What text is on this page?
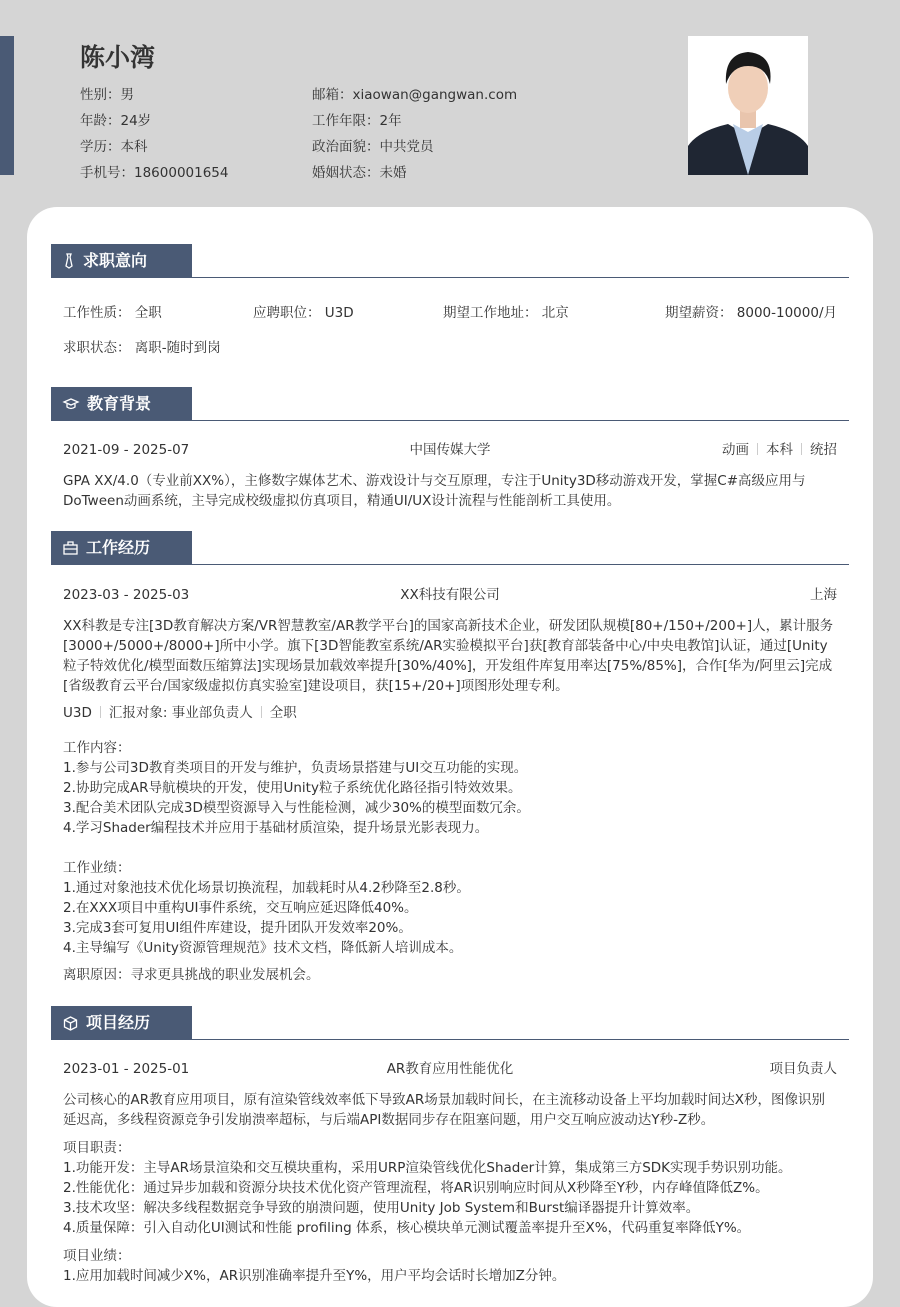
陈小湾
性别：男
年龄：24岁
学历：本科
手机号：18600001654
邮箱：xiaowan@gangwan.com
工作年限：2年
政治面貌：中共党员
婚姻状态：未婚
求职意向
工作性质： 全职	应聘职位： U3D	期望工作地址： 北京	期望薪资： 8000-10000/月
求职状态： 离职-随时到岗
教育背景
2021-09 - 2025-07	中国传媒大学	动画 本科 统招
GPA XX/4.0（专业前XX%），主修数字媒体艺术、游戏设计与交互原理，专注于Unity3D移动游戏开发，掌握C#高级应用与DoTween动画系统，主导完成校级虚拟仿真项目，精通UI/UX设计流程与性能剖析工具使用。
工作经历
2023-03 - 2025-03	XX科技有限公司	上海
XX科教是专注[3D教育解决方案/VR智慧教室/AR教学平台]的国家高新技术企业，研发团队规模[80+/150+/200+]人，累计服务[3000+/5000+/8000+]所中小学。旗下[3D智能教室系统/AR实验模拟平台]获[教育部装备中心/中央电教馆]认证，通过[Unity粒子特效优化/模型面数压缩算法]实现场景加载效率提升[30%/40%]，开发组件库复用率达[75%/85%]，合作[华为/阿里云]完成[省级教育云平台/国家级虚拟仿真实验室]建设项目，获[15+/20+]项图形处理专利。
U3D 汇报对象: 事业部负责人 全职
工作内容：
1.参与公司3D教育类项目的开发与维护，负责场景搭建与UI交互功能的实现。
2.协助完成AR导航模块的开发，使用Unity粒子系统优化路径指引特效效果。
3.配合美术团队完成3D模型资源导入与性能检测，减少30%的模型面数冗余。
4.学习Shader编程技术并应用于基础材质渲染，提升场景光影表现力。
工作业绩：
1.通过对象池技术优化场景切换流程，加载耗时从4.2秒降至2.8秒。
2.在XXX项目中重构UI事件系统，交互响应延迟降低40%。
3.完成3套可复用UI组件库建设，提升团队开发效率20%。
4.主导编写《Unity资源管理规范》技术文档，降低新人培训成本。
离职原因：寻求更具挑战的职业发展机会。
项目经历
2023-01 - 2025-01	AR教育应用性能优化	项目负责人
公司核心的AR教育应用项目，原有渲染管线效率低下导致AR场景加载时间长，在主流移动设备上平均加载时间达X秒，图像识别延迟高，多线程资源竞争引发崩溃率超标，与后端API数据同步存在阻塞问题，用户交互响应波动达Y秒-Z秒。
项目职责：
1.功能开发：主导AR场景渲染和交互模块重构，采用URP渲染管线优化Shader计算，集成第三方SDK实现手势识别功能。
2.性能优化：通过异步加载和资源分块技术优化资产管理流程，将AR识别响应时间从X秒降至Y秒，内存峰值降低Z%。
3.技术攻坚：解决多线程数据竞争导致的崩溃问题，使用Unity Job System和Burst编译器提升计算效率。
4.质量保障：引入自动化UI测试和性能 profiling 体系，核心模块单元测试覆盖率提升至X%，代码重复率降低Y%。
项目业绩：
1.应用加载时间减少X%，AR识别准确率提升至Y%，用户平均会话时长增加Z分钟。
